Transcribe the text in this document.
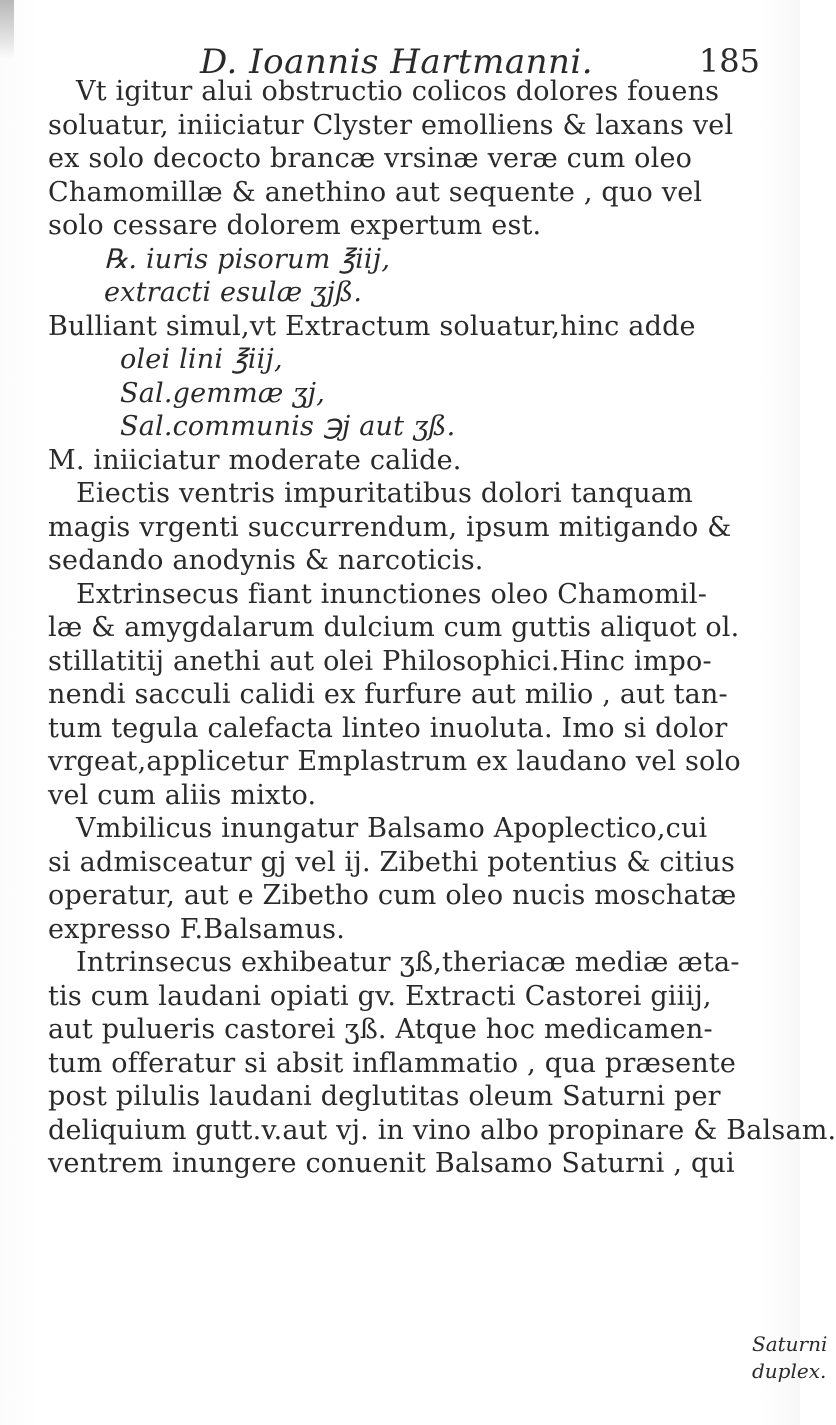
D. Ioannis Hartmanni.	185
Vt igitur alui obstructio colicos dolores fouens
soluatur, iniiciatur Clyster emolliens & laxans vel
ex solo decocto brancæ vrsinæ veræ cum oleo
Chamomillæ & anethino aut sequente , quo vel
solo cessare dolorem expertum est.
℞. iuris pisorum ℥iij,
extracti esulæ ʒjß.
Bulliant simul,vt Extractum soluatur,hinc adde
olei lini ℥iij,
Sal.gemmæ ʒj,
Sal.communis ℈j aut ʒß.
M. iniiciatur moderate calide.
Eiectis ventris impuritatibus dolori tanquam
magis vrgenti succurrendum, ipsum mitigando &
sedando anodynis & narcoticis.
Extrinsecus fiant inunctiones oleo Chamomil-
læ & amygdalarum dulcium cum guttis aliquot ol.
stillatitij anethi aut olei Philosophici.Hinc impo-
nendi sacculi calidi ex furfure aut milio , aut tan-
tum tegula calefacta linteo inuoluta. Imo si dolor
vrgeat,applicetur Emplastrum ex laudano vel solo
vel cum aliis mixto.
Vmbilicus inungatur Balsamo Apoplectico,cui
si admisceatur gj vel ij. Zibethi potentius & citius
operatur, aut e Zibetho cum oleo nucis moschatæ
expresso F.Balsamus.
Intrinsecus exhibeatur ʒß,theriacæ mediæ æta-
tis cum laudani opiati gv. Extracti Castorei giiij,
aut pulueris castorei ʒß. Atque hoc medicamen-
tum offeratur si absit inflammatio , qua præsente
post pilulis laudani deglutitas oleum Saturni per
deliquium gutt.v.aut vj. in vino albo propinare & Balsam.
ventrem inungere conuenit Balsamo Saturni , qui
Saturni
duplex.
